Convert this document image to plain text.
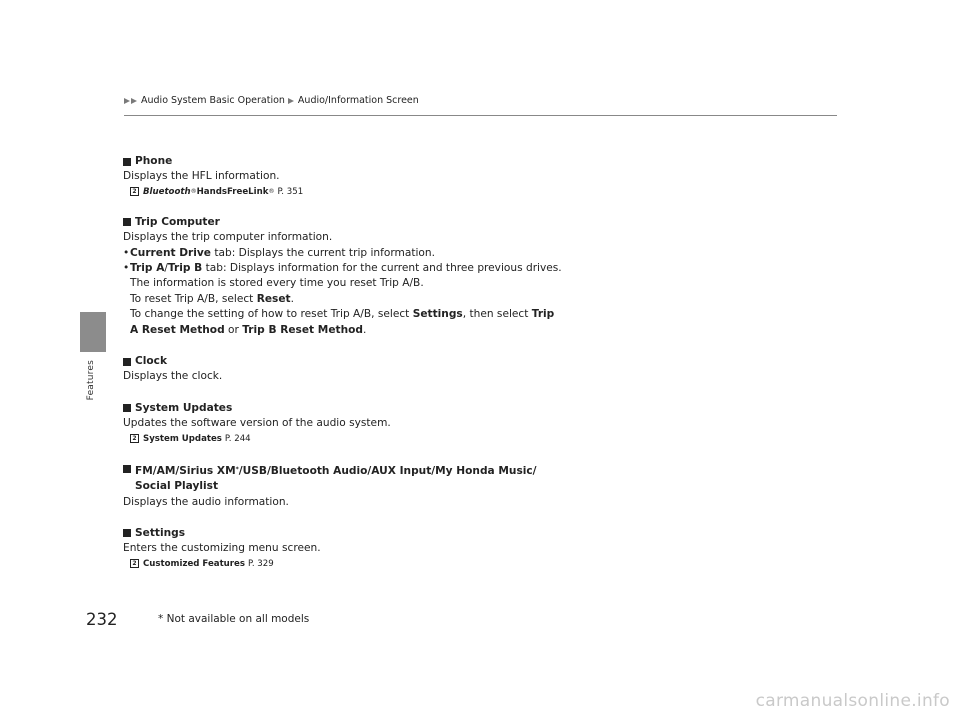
Features
Audio System Basic Operation Audio/Information Screen
Phone
Displays the HFL information.
2 Bluetooth ® HandsFreeLink ® P. 351
Trip Computer
Displays the trip computer information.
• Current Drive tab: Displays the current trip information.
• Trip A/Trip B tab: Displays information for the current and three previous drives.
The information is stored every time you reset Trip A/B.
To reset Trip A/B, select Reset.
To change the setting of how to reset Trip A/B, select Settings, then select Trip
A Reset Method or Trip B Reset Method.
Clock
Displays the clock.
System Updates
Updates the software version of the audio system.
2 System Updates P. 244
FM/AM/Sirius XM*/USB/Bluetooth Audio/AUX Input/My Honda Music/
Social Playlist
Displays the audio information.
Settings
Enters the customizing menu screen.
2 Customized Features P. 329
232	* Not available on all models
carmanualsonline.info
